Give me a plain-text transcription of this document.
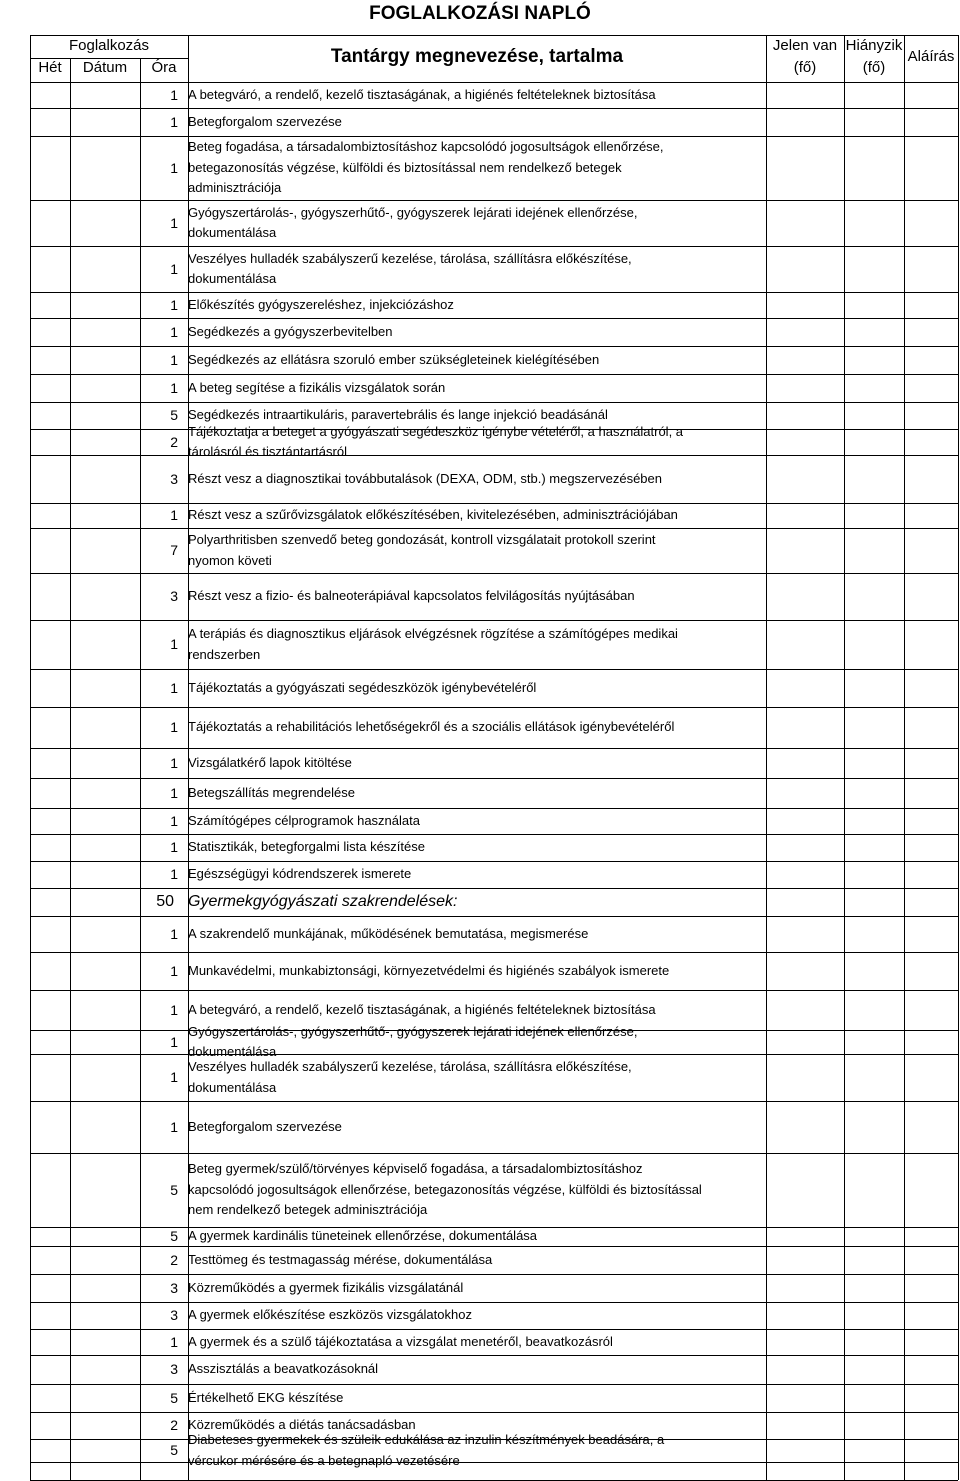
FOGLALKOZÁSI NAPLÓ
Foglalkozás
Hét	Dátum	Óra
Tantárgy megnevezése, tartalma
Jelen van
(fő)
Hiányzik
(fő)
Aláírás
1 A betegváró, a rendelő, kezelő tisztaságának, a higiénés feltételeknek biztosítása
1 Betegforgalom szervezése
1
Beteg fogadása, a társadalombiztosításhoz kapcsolódó jogosultságok ellenőrzése,
betegazonosítás végzése, külföldi és biztosítással nem rendelkező betegek
adminisztrációja
1
Gyógyszertárolás-, gyógyszerhűtő-, gyógyszerek lejárati idejének ellenőrzése,
dokumentálása
1
Veszélyes hulladék szabályszerű kezelése, tárolása, szállításra előkészítése,
dokumentálása
1 Előkészítés gyógyszereléshez, injekciózáshoz
1 Segédkezés a gyógyszerbevitelben
1 Segédkezés az ellátásra szoruló ember szükségleteinek kielégítésében
1 A beteg segítése a fizikális vizsgálatok során
5 Segédkezés intraartikuláris, paravertebrális és lange injekció beadásánál
2
Tájékoztatja a beteget a gyógyászati segédeszköz igénybe vételéről, a használatról, a
tárolásról és tisztántartásról
3 Részt vesz a diagnosztikai továbbutalások (DEXA, ODM, stb.) megszervezésében
1 Részt vesz a szűrővizsgálatok előkészítésében, kivitelezésében, adminisztrációjában
7
Polyarthritisben szenvedő beteg gondozását, kontroll vizsgálatait protokoll szerint
nyomon követi
3 Részt vesz a fizio- és balneoterápiával kapcsolatos felvilágosítás nyújtásában
1
A terápiás és diagnosztikus eljárások elvégzésnek rögzítése a számítógépes medikai
rendszerben
1 Tájékoztatás a gyógyászati segédeszközök igénybevételéről
1 Tájékoztatás a rehabilitációs lehetőségekről és a szociális ellátások igénybevételéről
1 Vizsgálatkérő lapok kitöltése
1 Betegszállítás megrendelése
1 Számítógépes célprogramok használata
1 Statisztikák, betegforgalmi lista készítése
1 Egészségügyi kódrendszerek ismerete
50 Gyermekgyógyászati szakrendelések:
1 A szakrendelő munkájának, működésének bemutatása, megismerése
1 Munkavédelmi, munkabiztonsági, környezetvédelmi és higiénés szabályok ismerete
1 A betegváró, a rendelő, kezelő tisztaságának, a higiénés feltételeknek biztosítása
1
Gyógyszertárolás-, gyógyszerhűtő-, gyógyszerek lejárati idejének ellenőrzése,
dokumentálása
1
Veszélyes hulladék szabályszerű kezelése, tárolása, szállításra előkészítése,
dokumentálása
1 Betegforgalom szervezése
5
Beteg gyermek/szülő/törvényes képviselő fogadása, a társadalombiztosításhoz
kapcsolódó jogosultságok ellenőrzése, betegazonosítás végzése, külföldi és biztosítással
nem rendelkező betegek adminisztrációja
5 A gyermek kardinális tüneteinek ellenőrzése, dokumentálása
2 Testtömeg és testmagasság mérése, dokumentálása
3 Közreműködés a gyermek fizikális vizsgálatánál
3 A gyermek előkészítése eszközös vizsgálatokhoz
1 A gyermek és a szülő tájékoztatása a vizsgálat menetéről, beavatkozásról
3 Asszisztálás a beavatkozásoknál
5 Értékelhető EKG készítése
2 Közreműködés a diétás tanácsadásban
5
Diabeteses gyermekek és szüleik edukálása az inzulin készítmények beadására, a
vércukor mérésére és a betegnapló vezetésére
